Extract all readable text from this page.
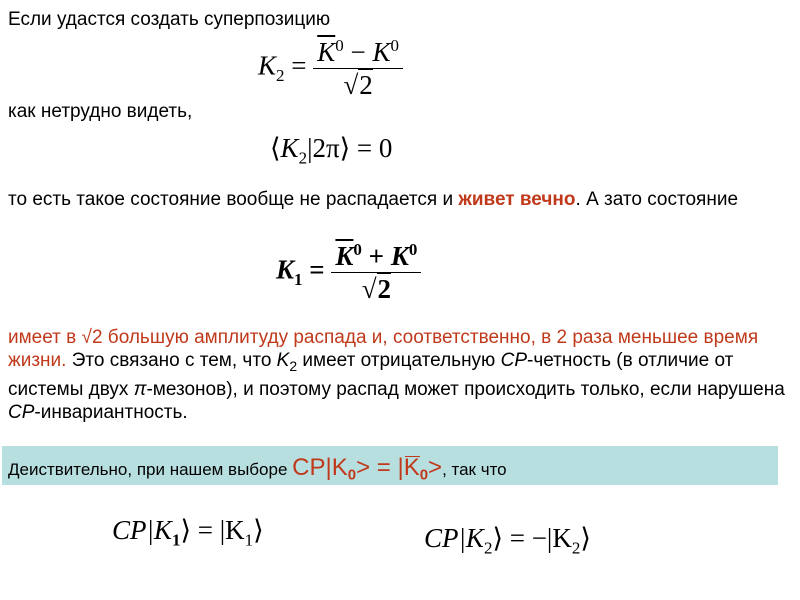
Если удастся создать суперпозицию

$K_2 = \frac{\overline{K}^0 - K^0}{√2}$

как нетрудно видеть,

$⟨K_2|2\pi⟩ = 0$

то есть такое состояние вообще не распадается и живет вечно. А зато состояние

$K_1 = \frac{\overline{K}^0 + K^0}{√2}$

имеет в √2 большую амплитуду распада и, соответственно, в 2 раза меньшее время жизни. Это связано с тем, что $K_2$ имеет отрицательную CP-четность (в отличие от системы двух π-мезонов), и поэтому распад может происходить только, если нарушена CP-инвариантность.

Деиствительно, при нашем выборе $CP|K_0> = |K_0>$, так что
$CP|K_1⟩$ = $|K_1⟩$	$CP|K_2⟩$ = $-|K_2⟩$
